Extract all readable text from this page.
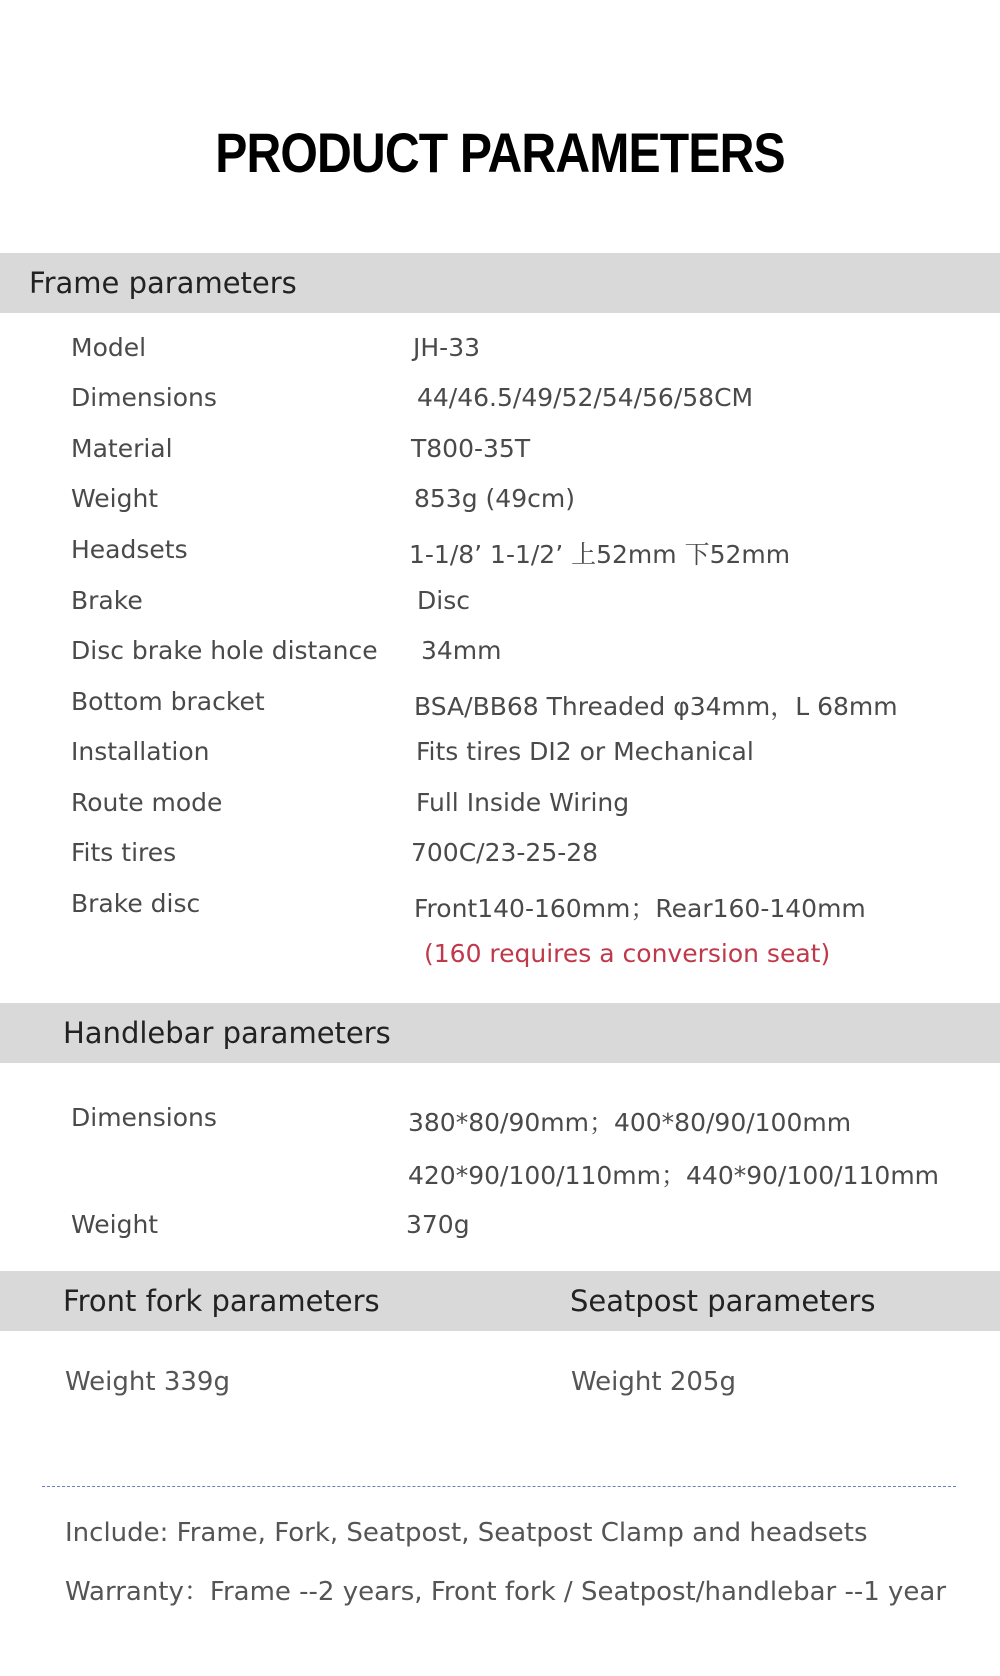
PRODUCT PARAMETERS
Frame parameters
Model	JH-33
Dimensions	44/46.5/49/52/54/56/58CM
Material	T800-35T
Weight	853g (49cm)
Headsets	1-1/8’ 1-1/2’ 上52mm 下52mm
Brake	Disc
Disc brake hole distance 34mm
Bottom bracket	BSA/BB68 Threaded φ34mm，L 68mm
Installation	Fits tires DI2 or Mechanical
Route mode	Full Inside Wiring
Fits tires	700C/23-25-28
Brake disc	Front140-160mm；Rear160-140mm
(160 requires a conversion seat)
Handlebar parameters
Dimensions	380*80/90mm；400*80/90/100mm
420*90/100/110mm；440*90/100/110mm
Weight	370g
Front fork parameters	Seatpost parameters
Weight 339g	Weight 205g
Include: Frame, Fork, Seatpost, Seatpost Clamp and headsets
Warranty：Frame --2 years, Front fork / Seatpost/handlebar --1 year
